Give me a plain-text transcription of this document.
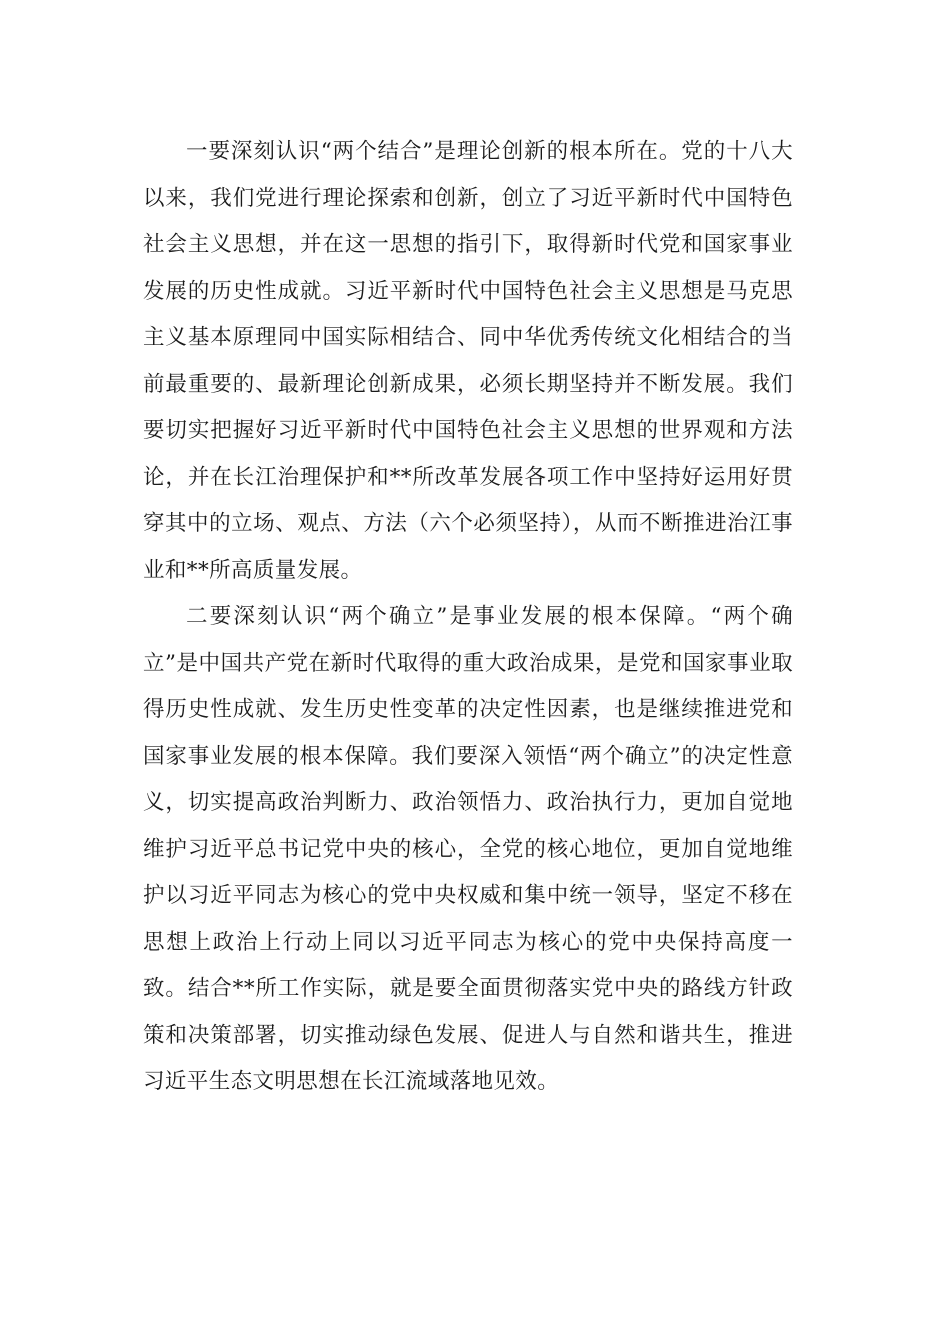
一要深刻认识“两个结合”是理论创新的根本所在。党的十八大以来，我们党进行理论探索和创新，创立了习近平新时代中国特色社会主义思想，并在这一思想的指引下，取得新时代党和国家事业发展的历史性成就。习近平新时代中国特色社会主义思想是马克思主义基本原理同中国实际相结合、同中华优秀传统文化相结合的当前最重要的、最新理论创新成果，必须长期坚持并不断发展。我们要切实把握好习近平新时代中国特色社会主义思想的世界观和方法论，并在长江治理保护和**所改革发展各项工作中坚持好运用好贯穿其中的立场、观点、方法（六个必须坚持），从而不断推进治江事业和**所高质量发展。

二要深刻认识“两个确立”是事业发展的根本保障。“两个确立”是中国共产党在新时代取得的重大政治成果，是党和国家事业取得历史性成就、发生历史性变革的决定性因素，也是继续推进党和国家事业发展的根本保障。我们要深入领悟“两个确立”的决定性意义，切实提高政治判断力、政治领悟力、政治执行力，更加自觉地维护习近平总书记党中央的核心，全党的核心地位，更加自觉地维护以习近平同志为核心的党中央权威和集中统一领导，坚定不移在思想上政治上行动上同以习近平同志为核心的党中央保持高度一致。结合**所工作实际，就是要全面贯彻落实党中央的路线方针政策和决策部署，切实推动绿色发展、促进人与自然和谐共生，推进习近平生态文明思想在长江流域落地见效。
